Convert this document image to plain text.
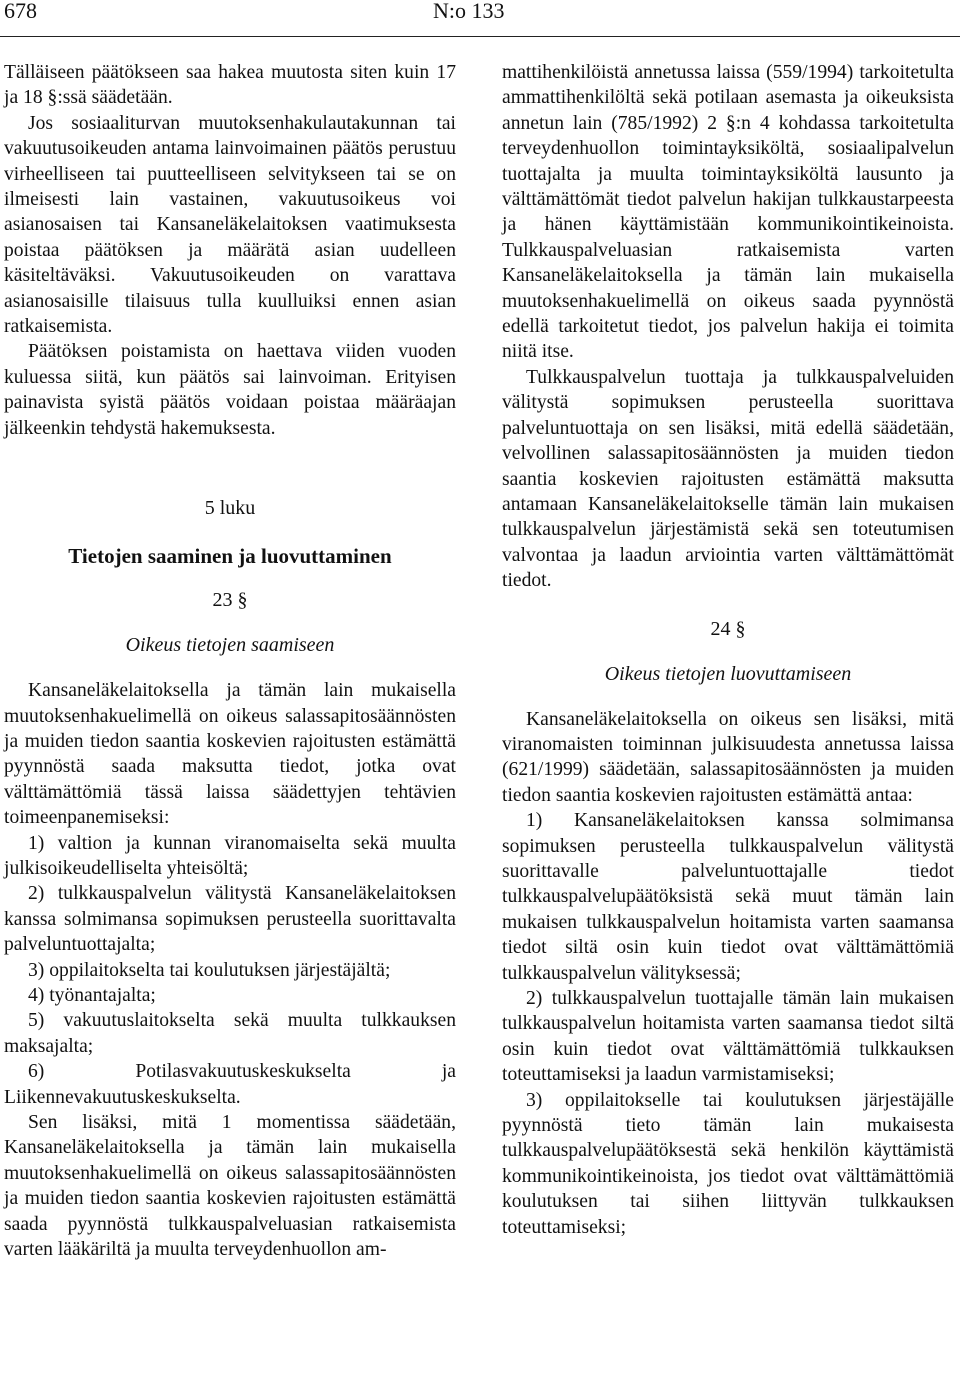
678	N:o 133

Tälläiseen päätökseen saa hakea muutosta siten kuin 17 ja 18 §:ssä säädetään.

Jos sosiaaliturvan muutoksenhakulautakunnan tai vakuutusoikeuden antama lainvoimainen päätös perustuu virheelliseen tai puutteelliseen selvitykseen tai se on ilmeisesti lain vastainen, vakuutusoikeus voi asianosaisen tai Kansaneläkelaitoksen vaatimuksesta poistaa päätöksen ja määrätä asian uudelleen käsiteltäväksi. Vakuutusoikeuden on varattava asianosaisille tilaisuus tulla kuulluiksi ennen asian ratkaisemista.

Päätöksen poistamista on haettava viiden vuoden kuluessa siitä, kun päätös sai lainvoiman. Erityisen painavista syistä päätös voidaan poistaa määräajan jälkeenkin tehdystä hakemuksesta.

5 luku

Tietojen saaminen ja luovuttaminen

23 §

Oikeus tietojen saamiseen

Kansaneläkelaitoksella ja tämän lain mukaisella muutoksenhakuelimellä on oikeus salassapitosäännösten ja muiden tiedon saantia koskevien rajoitusten estämättä pyynnöstä saada maksutta tiedot, jotka ovat välttämättömiä tässä laissa säädettyjen tehtävien toimeenpanemiseksi:

1) valtion ja kunnan viranomaiselta sekä muulta julkisoikeudelliselta yhteisöltä;

2) tulkkauspalvelun välitystä Kansaneläkelaitoksen kanssa solmimansa sopimuksen perusteella suorittavalta palveluntuottajalta;

3) oppilaitokselta tai koulutuksen järjestäjältä;

4) työnantajalta;

5) vakuutuslaitokselta sekä muulta tulkkauksen maksajalta;

6) Potilasvakuutuskeskukselta ja Liikennevakuutuskeskukselta.

Sen lisäksi, mitä 1 momentissa säädetään, Kansaneläkelaitoksella ja tämän lain mukaisella muutoksenhakuelimellä on oikeus salassapitosäännösten ja muiden tiedon saantia koskevien rajoitusten estämättä saada pyynnöstä tulkkauspalveluasian ratkaisemista varten lääkäriltä ja muulta terveydenhuollon am-

mattihenkilöistä annetussa laissa (559/1994) tarkoitetulta ammattihenkilöltä sekä potilaan asemasta ja oikeuksista annetun lain (785/1992) 2 §:n 4 kohdassa tarkoitetulta terveydenhuollon toimintayksiköltä, sosiaalipalvelun tuottajalta ja muulta toimintayksiköltä lausunto ja välttämättömät tiedot palvelun hakijan tulkkaustarpeesta ja hänen käyttämistään kommunikointikeinoista. Tulkkauspalveluasian ratkaisemista varten Kansaneläkelaitoksella ja tämän lain mukaisella muutoksenhakuelimellä on oikeus saada pyynnöstä edellä tarkoitetut tiedot, jos palvelun hakija ei toimita niitä itse.

Tulkkauspalvelun tuottaja ja tulkkauspalveluiden välitystä sopimuksen perusteella suorittava palveluntuottaja on sen lisäksi, mitä edellä säädetään, velvollinen salassapitosäännösten ja muiden tiedon saantia koskevien rajoitusten estämättä maksutta antamaan Kansaneläkelaitokselle tämän lain mukaisen tulkkauspalvelun järjestämistä sekä sen toteutumisen valvontaa ja laadun arviointia varten välttämättömät tiedot.

24 §

Oikeus tietojen luovuttamiseen

Kansaneläkelaitoksella on oikeus sen lisäksi, mitä viranomaisten toiminnan julkisuudesta annetussa laissa (621/1999) säädetään, salassapitosäännösten ja muiden tiedon saantia koskevien rajoitusten estämättä antaa:

1) Kansaneläkelaitoksen kanssa solmimansa sopimuksen perusteella tulkkauspalvelun välitystä suorittavalle palveluntuottajalle tiedot tulkkauspalvelupäätöksistä sekä muut tämän lain mukaisen tulkkauspalvelun hoitamista varten saamansa tiedot siltä osin kuin tiedot ovat välttämättömiä tulkkauspalvelun välityksessä;

2) tulkkauspalvelun tuottajalle tämän lain mukaisen tulkkauspalvelun hoitamista varten saamansa tiedot siltä osin kuin tiedot ovat välttämättömiä tulkkauksen toteuttamiseksi ja laadun varmistamiseksi;

3) oppilaitokselle tai koulutuksen järjestäjälle pyynnöstä tieto tämän lain mukaisesta tulkkauspalvelupäätöksestä sekä henkilön käyttämistä kommunikointikeinoista, jos tiedot ovat välttämättömiä koulutuksen tai siihen liittyvän tulkkauksen toteuttamiseksi;
